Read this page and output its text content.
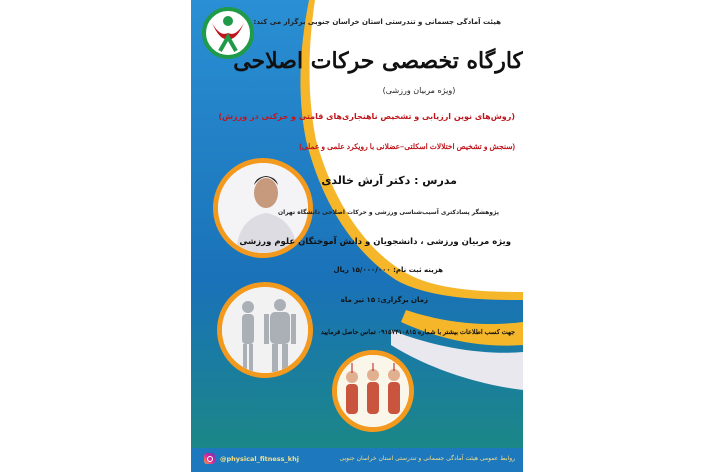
هیئت آمادگی جسمانی و تندرستی استان خراسان جنوبی برگزار می کند:
کارگاه تخصصی حرکات اصلاحی
(ویژه مربیان ورزشی)
(روش‌های نوین ارزیابی و تشخیص ناهنجاری‌های قامتی و حرکتی در ورزش)
(سنجش و تشخیص اختلالات اسکلتی–عضلانی با رویکرد علمی و عملی)
مدرس : دکتر آرش خالدی
پژوهشگر پسادکتری آسیب‌شناسی ورزشی و حرکات اصلاحی دانشگاه تهران
ویژه مربیان ورزشی ، دانشجویان و دانش آموختگان علوم ورزشی
هزینه ثبت نام: ۱۵/۰۰۰/۰۰۰ ریال
زمان برگزاری: ۱۵ تیر ماه
جهت کسب اطلاعات بیشتر با شماره ۰۹۱۵۷۴۱۰۸۱۵ تماس حاصل فرمایید
@physical_fitness_khj	روابط عمومی هیئت آمادگی جسمانی و تندرستی استان خراسان جنوبی
